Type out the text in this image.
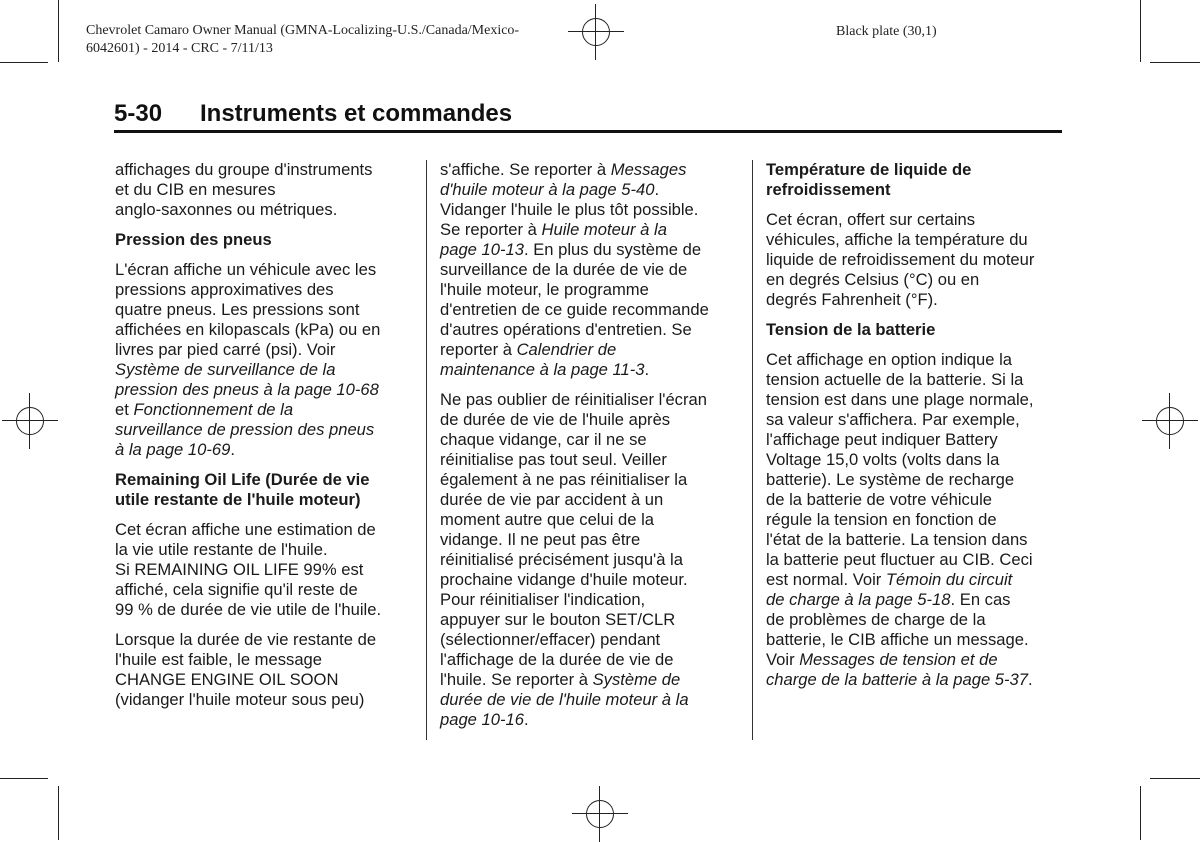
Chevrolet Camaro Owner Manual (GMNA-Localizing-U.S./Canada/Mexico-
6042601) - 2014 - CRC - 7/11/13
Black plate (30,1)
5-30 Instruments et commandes
affichages du groupe d'instruments
et du CIB en mesures
anglo-saxonnes ou métriques.
Pression des pneus
L'écran affiche un véhicule avec les
pressions approximatives des
quatre pneus. Les pressions sont
affichées en kilopascals (kPa) ou en
livres par pied carré (psi). Voir
Système de surveillance de la
pression des pneus à la page 10-68
et Fonctionnement de la
surveillance de pression des pneus
à la page 10-69.
Remaining Oil Life (Durée de vie
utile restante de l'huile moteur)
Cet écran affiche une estimation de
la vie utile restante de l'huile.
Si REMAINING OIL LIFE 99% est
affiché, cela signifie qu'il reste de
99 % de durée de vie utile de l'huile.
Lorsque la durée de vie restante de
l'huile est faible, le message
CHANGE ENGINE OIL SOON
(vidanger l'huile moteur sous peu)
s'affiche. Se reporter à Messages
d'huile moteur à la page 5-40.
Vidanger l'huile le plus tôt possible.
Se reporter à Huile moteur à la
page 10-13. En plus du système de
surveillance de la durée de vie de
l'huile moteur, le programme
d'entretien de ce guide recommande
d'autres opérations d'entretien. Se
reporter à Calendrier de
maintenance à la page 11-3.
Ne pas oublier de réinitialiser l'écran
de durée de vie de l'huile après
chaque vidange, car il ne se
réinitialise pas tout seul. Veiller
également à ne pas réinitialiser la
durée de vie par accident à un
moment autre que celui de la
vidange. Il ne peut pas être
réinitialisé précisément jusqu'à la
prochaine vidange d'huile moteur.
Pour réinitialiser l'indication,
appuyer sur le bouton SET/CLR
(sélectionner/effacer) pendant
l'affichage de la durée de vie de
l'huile. Se reporter à Système de
durée de vie de l'huile moteur à la
page 10-16.
Température de liquide de
refroidissement
Cet écran, offert sur certains
véhicules, affiche la température du
liquide de refroidissement du moteur
en degrés Celsius (°C) ou en
degrés Fahrenheit (°F).
Tension de la batterie
Cet affichage en option indique la
tension actuelle de la batterie. Si la
tension est dans une plage normale,
sa valeur s'affichera. Par exemple,
l'affichage peut indiquer Battery
Voltage 15,0 volts (volts dans la
batterie). Le système de recharge
de la batterie de votre véhicule
régule la tension en fonction de
l'état de la batterie. La tension dans
la batterie peut fluctuer au CIB. Ceci
est normal. Voir Témoin du circuit
de charge à la page 5-18. En cas
de problèmes de charge de la
batterie, le CIB affiche un message.
Voir Messages de tension et de
charge de la batterie à la page 5-37.
